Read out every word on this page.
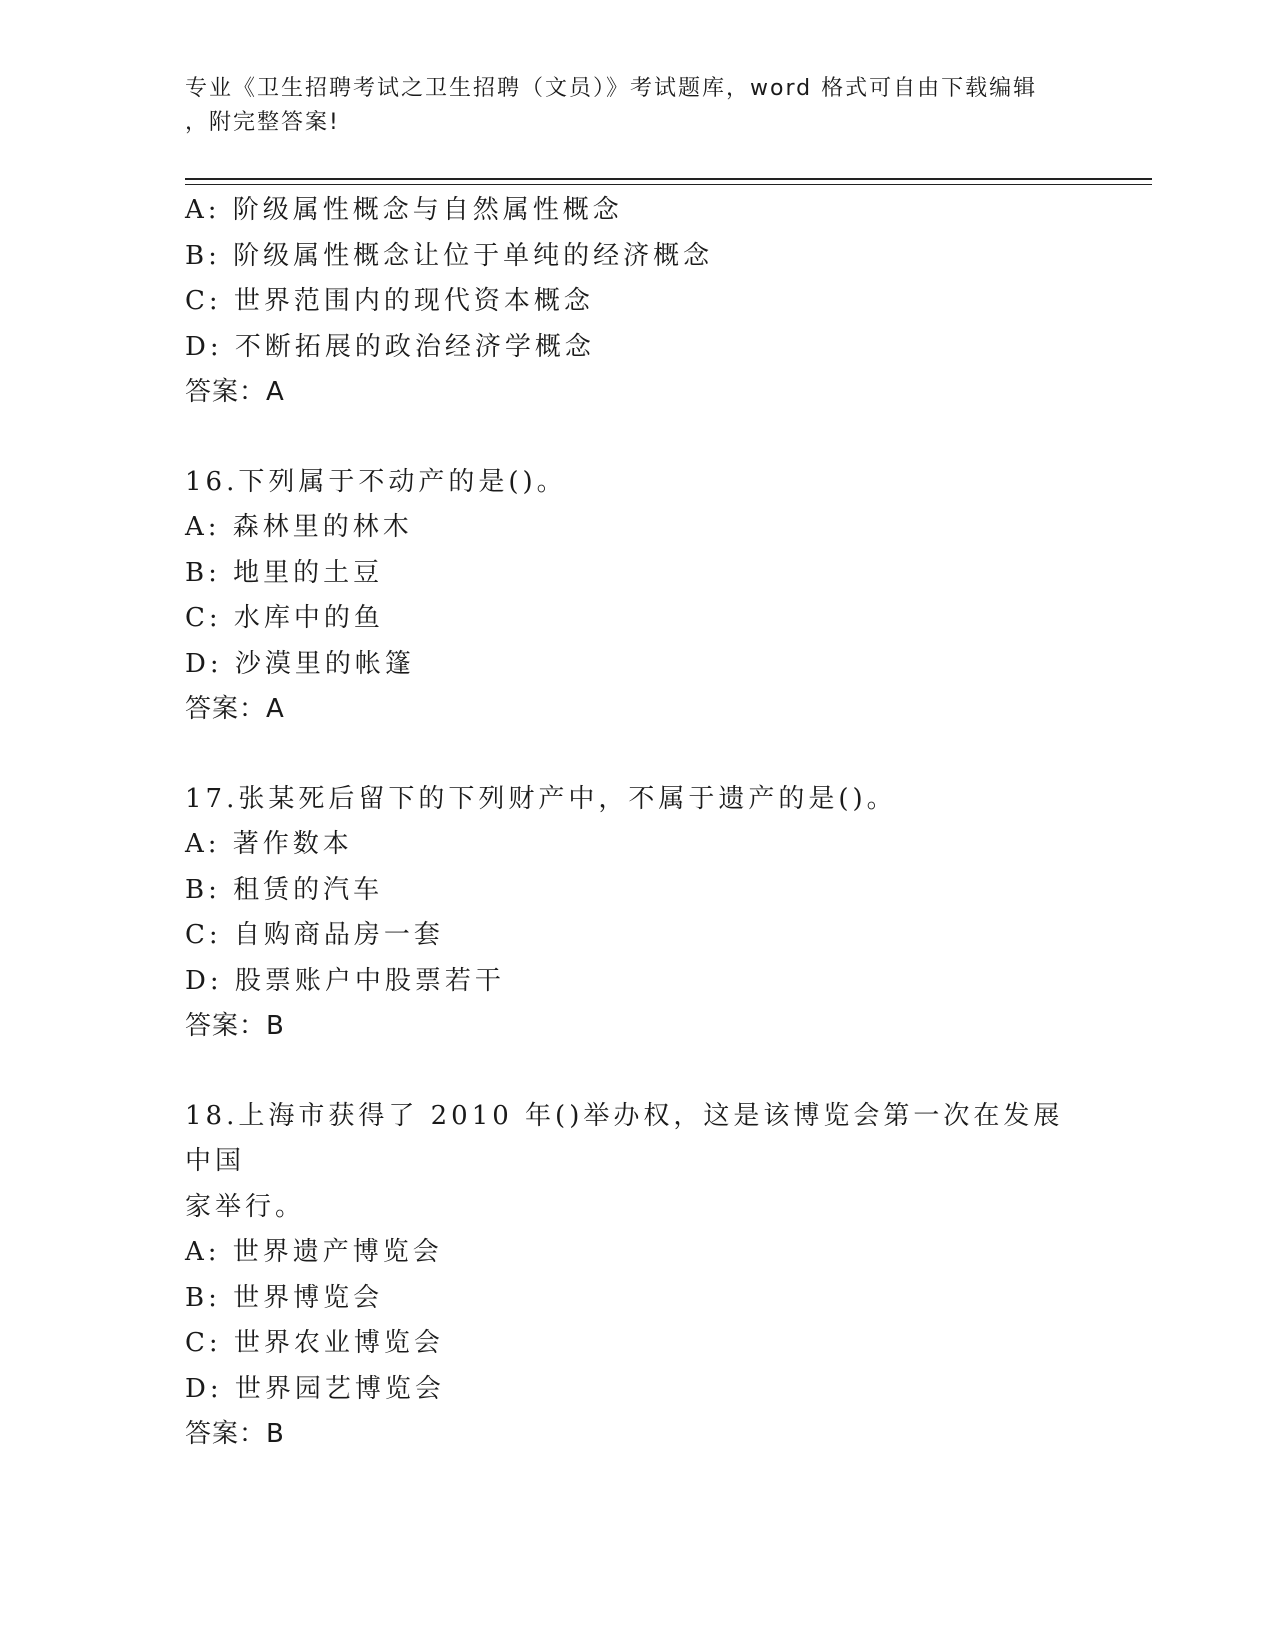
专业《卫生招聘考试之卫生招聘（文员）》考试题库，word 格式可自由下载编辑
，附完整答案!
A: 阶级属性概念与自然属性概念
B: 阶级属性概念让位于单纯的经济概念
C: 世界范围内的现代资本概念
D: 不断拓展的政治经济学概念
答案：A
16.下列属于不动产的是()。
A: 森林里的林木
B: 地里的土豆
C: 水库中的鱼
D: 沙漠里的帐篷
答案：A
17.张某死后留下的下列财产中，不属于遗产的是()。
A: 著作数本
B: 租赁的汽车
C: 自购商品房一套
D: 股票账户中股票若干
答案：B
18.上海市获得了 2010 年()举办权，这是该博览会第一次在发展中国
家举行。
A: 世界遗产博览会
B: 世界博览会
C: 世界农业博览会
D: 世界园艺博览会
答案：B
